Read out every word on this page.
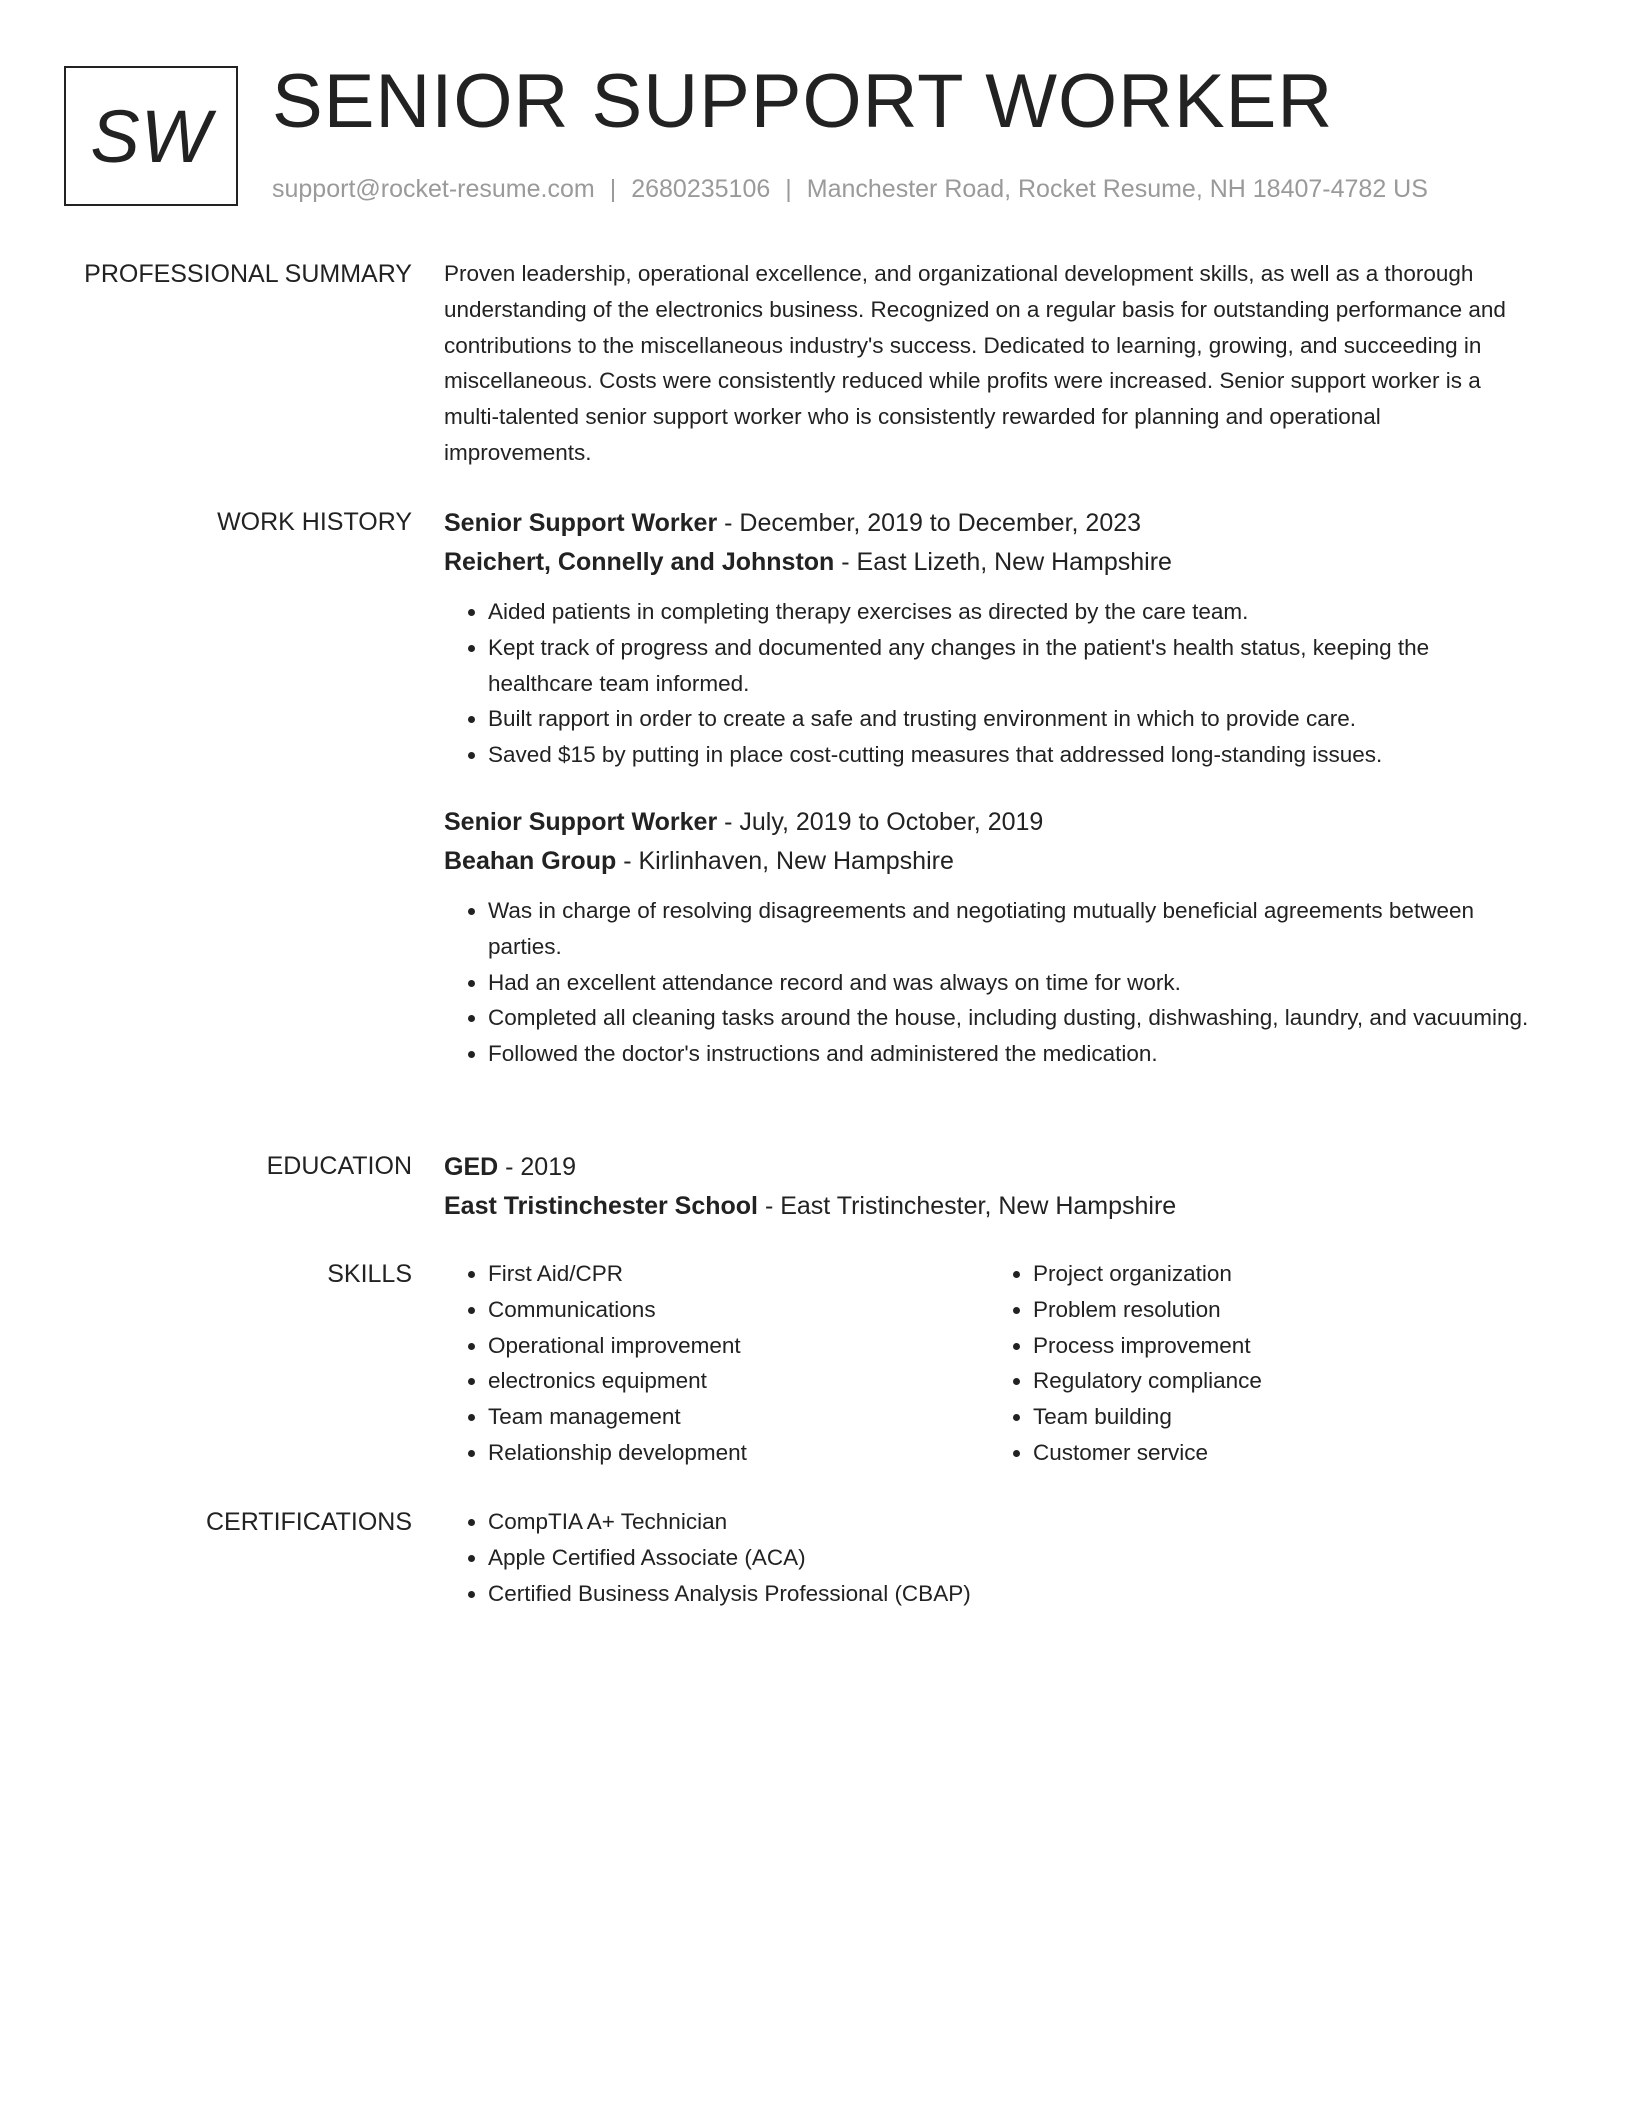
SW SENIOR SUPPORT WORKER
support@rocket-resume.com | 2680235106 | Manchester Road, Rocket Resume, NH 18407-4782 US
PROFESSIONAL SUMMARY Proven leadership, operational excellence, and organizational development skills, as well as a thorough understanding of the electronics business. Recognized on a regular basis for outstanding performance and contributions to the miscellaneous industry's success. Dedicated to learning, growing, and succeeding in miscellaneous. Costs were consistently reduced while profits were increased. Senior support worker is a multi-talented senior support worker who is consistently rewarded for planning and operational improvements.

WORK HISTORY Senior Support Worker - December, 2019 to December, 2023
Reichert, Connelly and Johnston - East Lizeth, New Hampshire
• Aided patients in completing therapy exercises as directed by the care team.
• Kept track of progress and documented any changes in the patient's health status, keeping the healthcare team informed.
• Built rapport in order to create a safe and trusting environment in which to provide care.
• Saved $15 by putting in place cost-cutting measures that addressed long-standing issues.
Senior Support Worker - July, 2019 to October, 2019
Beahan Group - Kirlinhaven, New Hampshire
• Was in charge of resolving disagreements and negotiating mutually beneficial agreements between parties.
• Had an excellent attendance record and was always on time for work.
• Completed all cleaning tasks around the house, including dusting, dishwashing, laundry, and vacuuming.
• Followed the doctor's instructions and administered the medication.
EDUCATION GED - 2019
East Tristinchester School - East Tristinchester, New Hampshire
SKILLS	• First Aid/CPR
• Communications
• Operational improvement
• electronics equipment
• Team management
• Relationship development
• Project organization
• Problem resolution
• Process improvement
• Regulatory compliance
• Team building
• Customer service
CERTIFICATIONS	• CompTIA A+ Technician
• Apple Certified Associate (ACA)
• Certified Business Analysis Professional (CBAP)
